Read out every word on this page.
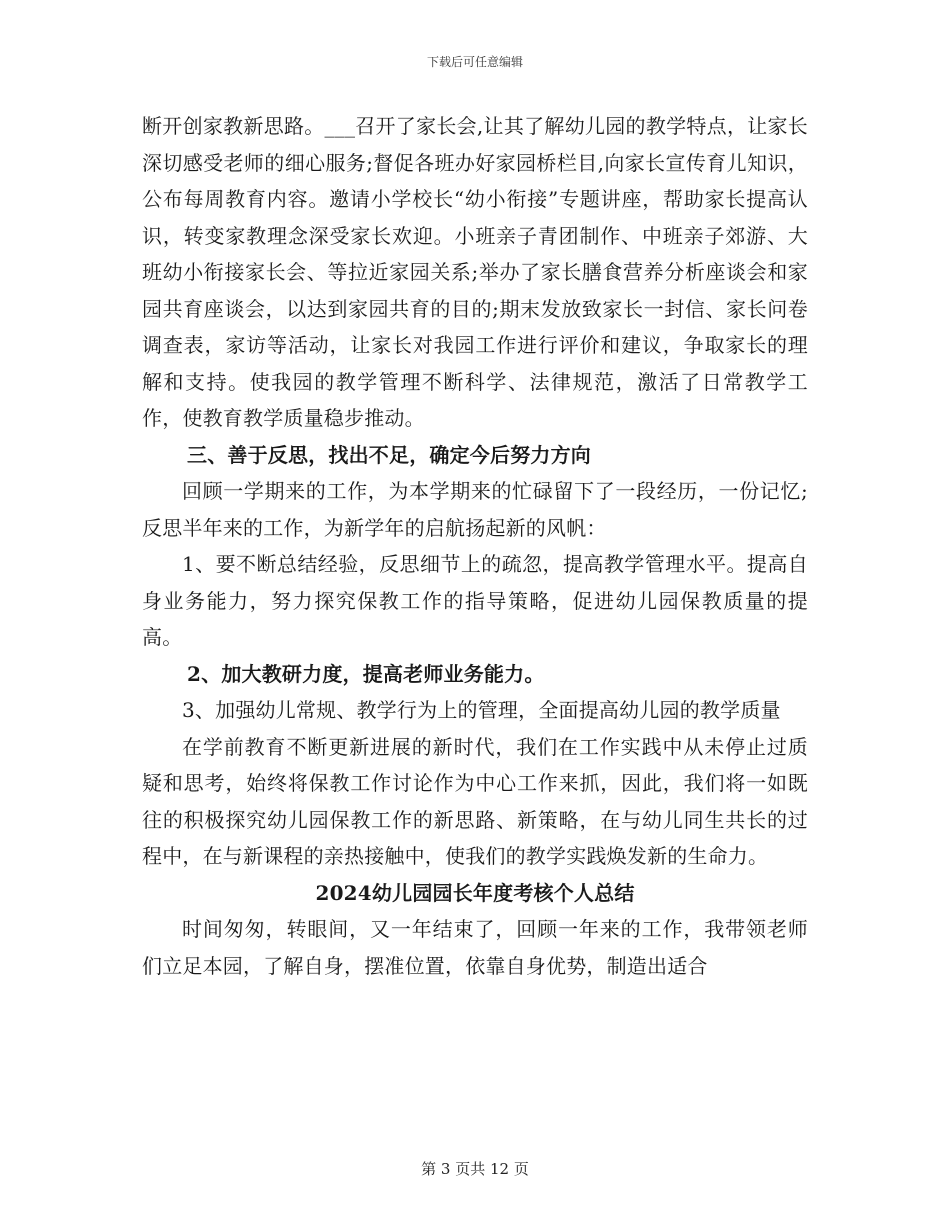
下载后可任意编辑

断开创家教新思路。___召开了家长会,让其了解幼儿园的教学特点，让家长深切感受老师的细心服务;督促各班办好家园桥栏目,向家长宣传育儿知识，公布每周教育内容。邀请小学校长“幼小衔接”专题讲座，帮助家长提高认识，转变家教理念深受家长欢迎。小班亲子青团制作、中班亲子郊游、大班幼小衔接家长会、等拉近家园关系;举办了家长膳食营养分析座谈会和家园共育座谈会，以达到家园共育的目的;期末发放致家长一封信、家长问卷调查表，家访等活动，让家长对我园工作进行评价和建议，争取家长的理解和支持。使我园的教学管理不断科学、法律规范，激活了日常教学工作，使教育教学质量稳步推动。

三、善于反思，找出不足，确定今后努力方向

回顾一学期来的工作，为本学期来的忙碌留下了一段经历，一份记忆;反思半年来的工作，为新学年的启航扬起新的风帆：

1、要不断总结经验，反思细节上的疏忽，提高教学管理水平。提高自身业务能力，努力探究保教工作的指导策略，促进幼儿园保教质量的提高。

2、加大教研力度，提高老师业务能力。

3、加强幼儿常规、教学行为上的管理，全面提高幼儿园的教学质量

在学前教育不断更新进展的新时代，我们在工作实践中从未停止过质疑和思考，始终将保教工作讨论作为中心工作来抓，因此，我们将一如既往的积极探究幼儿园保教工作的新思路、新策略，在与幼儿同生共长的过程中，在与新课程的亲热接触中，使我们的教学实践焕发新的生命力。

2024幼儿园园长年度考核个人总结

时间匆匆，转眼间，又一年结束了，回顾一年来的工作，我带领老师们立足本园，了解自身，摆准位置，依靠自身优势，制造出适合

第 3 页共 12 页
